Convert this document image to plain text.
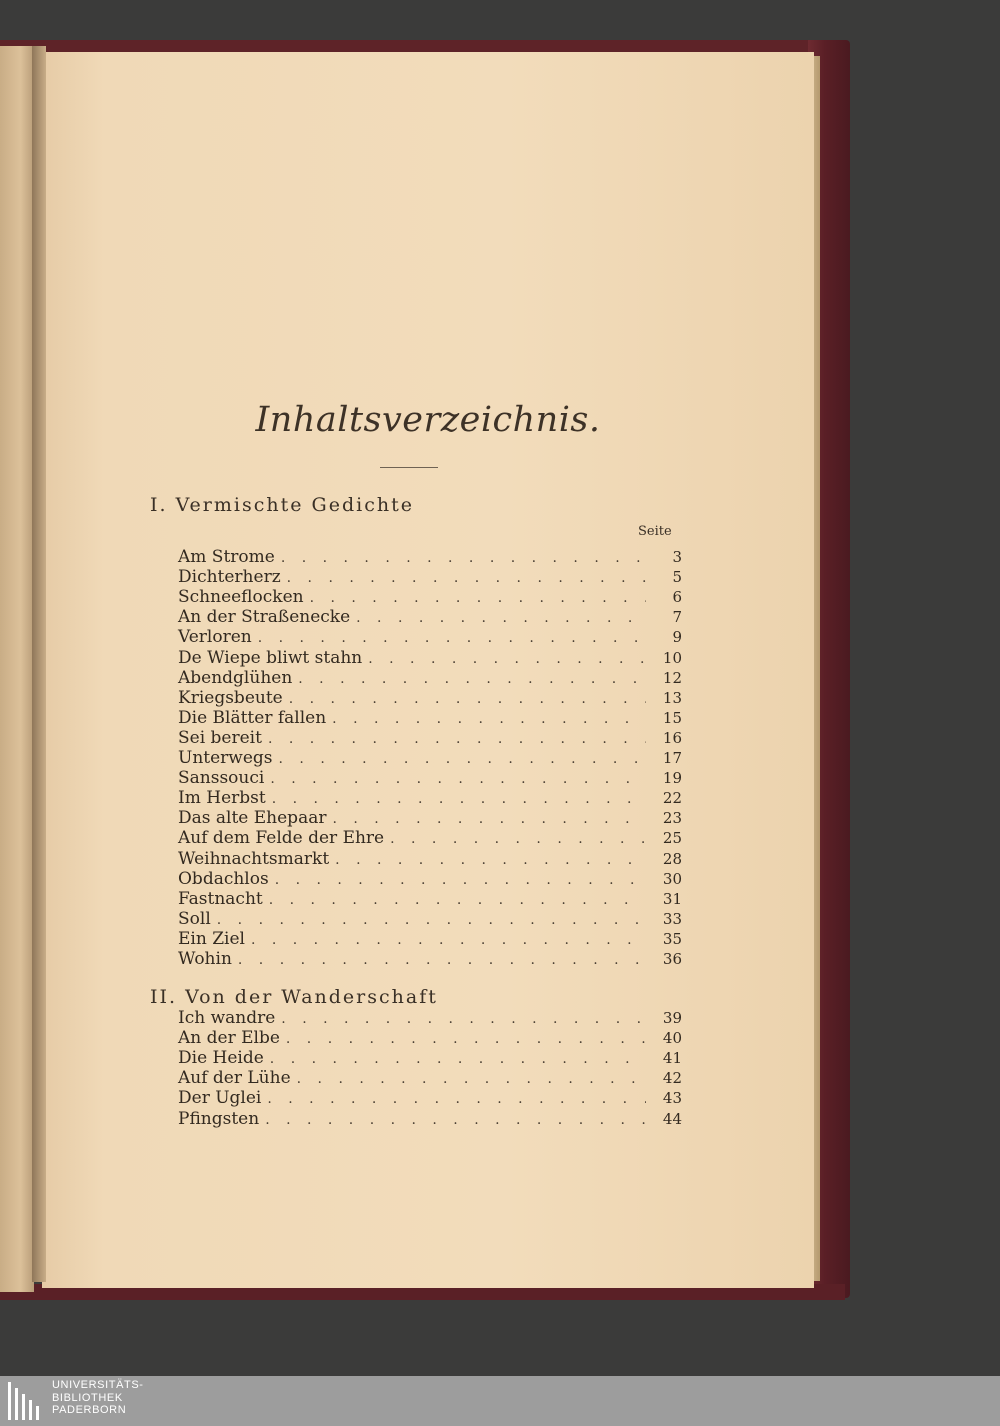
Inhaltsverzeichnis.
I. Vermischte Gedichte
Seite
Am Strome . . .	3
Dichterherz . . .	5
Schneeflocken . . .	6
An der Straßenecke . . .	7
Verloren . . .	9
De Wiepe bliwt stahn . . .	10
Abendglühen . . .	12
Kriegsbeute . . .	13
Die Blätter fallen . . .	15
Sei bereit . . .	16
Unterwegs . . .	17
Sanssouci . . .	19
Im Herbst . . .	22
Das alte Ehepaar . . .	23
Auf dem Felde der Ehre . . .	25
Weihnachtsmarkt . . .	28
Obdachlos . . .	30
Fastnacht . . .	31
Soll . . .	33
Ein Ziel . . .	35
Wohin . . .	36
II. Von der Wanderschaft
Ich wandre . . .	39
An der Elbe . . .	40
Die Heide . . .	41
Auf der Lühe . . .	42
Der Uglei . . .	43
Pfingsten . . .	44
UNIVERSITÄTS-
BIBLIOTHEK
PADERBORN
